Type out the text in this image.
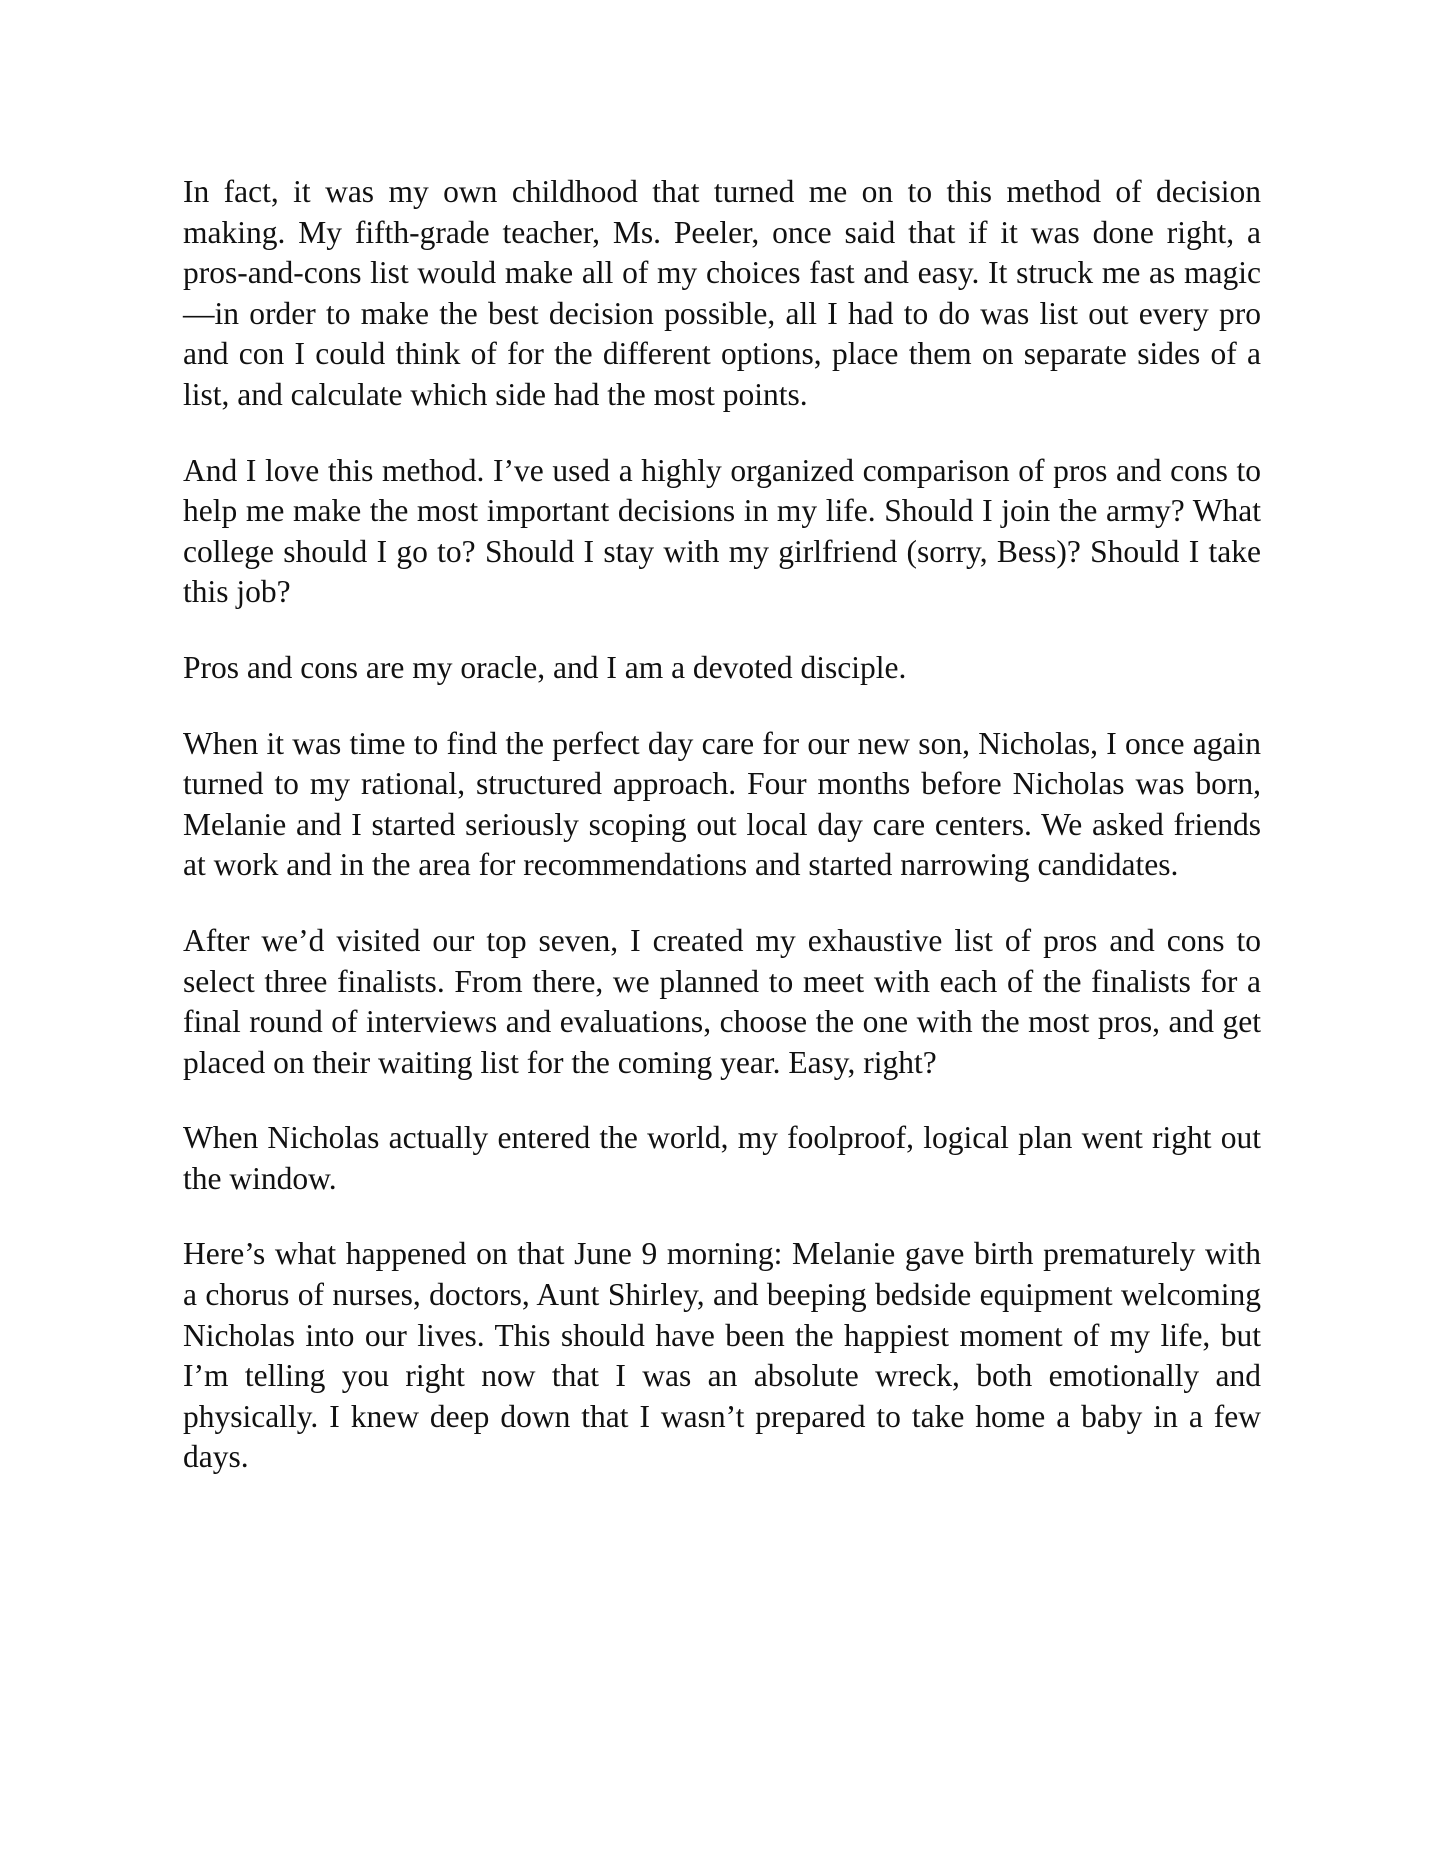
In fact, it was my own childhood that turned me on to this method of decision making. My fifth-grade teacher, Ms. Peeler, once said that if it was done right, a pros-and-cons list would make all of my choices fast and easy. It struck me as magic—in order to make the best decision possible, all I had to do was list out every pro and con I could think of for the different options, place them on separate sides of a list, and calculate which side had the most points.

And I love this method. I’ve used a highly organized comparison of pros and cons to help me make the most important decisions in my life. Should I join the army? What college should I go to? Should I stay with my girlfriend (sorry, Bess)? Should I take this job?

Pros and cons are my oracle, and I am a devoted disciple.

When it was time to find the perfect day care for our new son, Nicholas, I once again turned to my rational, structured approach. Four months before Nicholas was born, Melanie and I started seriously scoping out local day care centers. We asked friends at work and in the area for recommendations and started narrowing candidates.

After we’d visited our top seven, I created my exhaustive list of pros and cons to select three finalists. From there, we planned to meet with each of the finalists for a final round of interviews and evaluations, choose the one with the most pros, and get placed on their waiting list for the coming year. Easy, right?

When Nicholas actually entered the world, my foolproof, logical plan went right out the window.

Here’s what happened on that June 9 morning: Melanie gave birth prematurely with a chorus of nurses, doctors, Aunt Shirley, and beeping bedside equipment welcoming Nicholas into our lives. This should have been the happiest moment of my life, but I’m telling you right now that I was an absolute wreck, both emotionally and physically. I knew deep down that I wasn’t prepared to take home a baby in a few days.
